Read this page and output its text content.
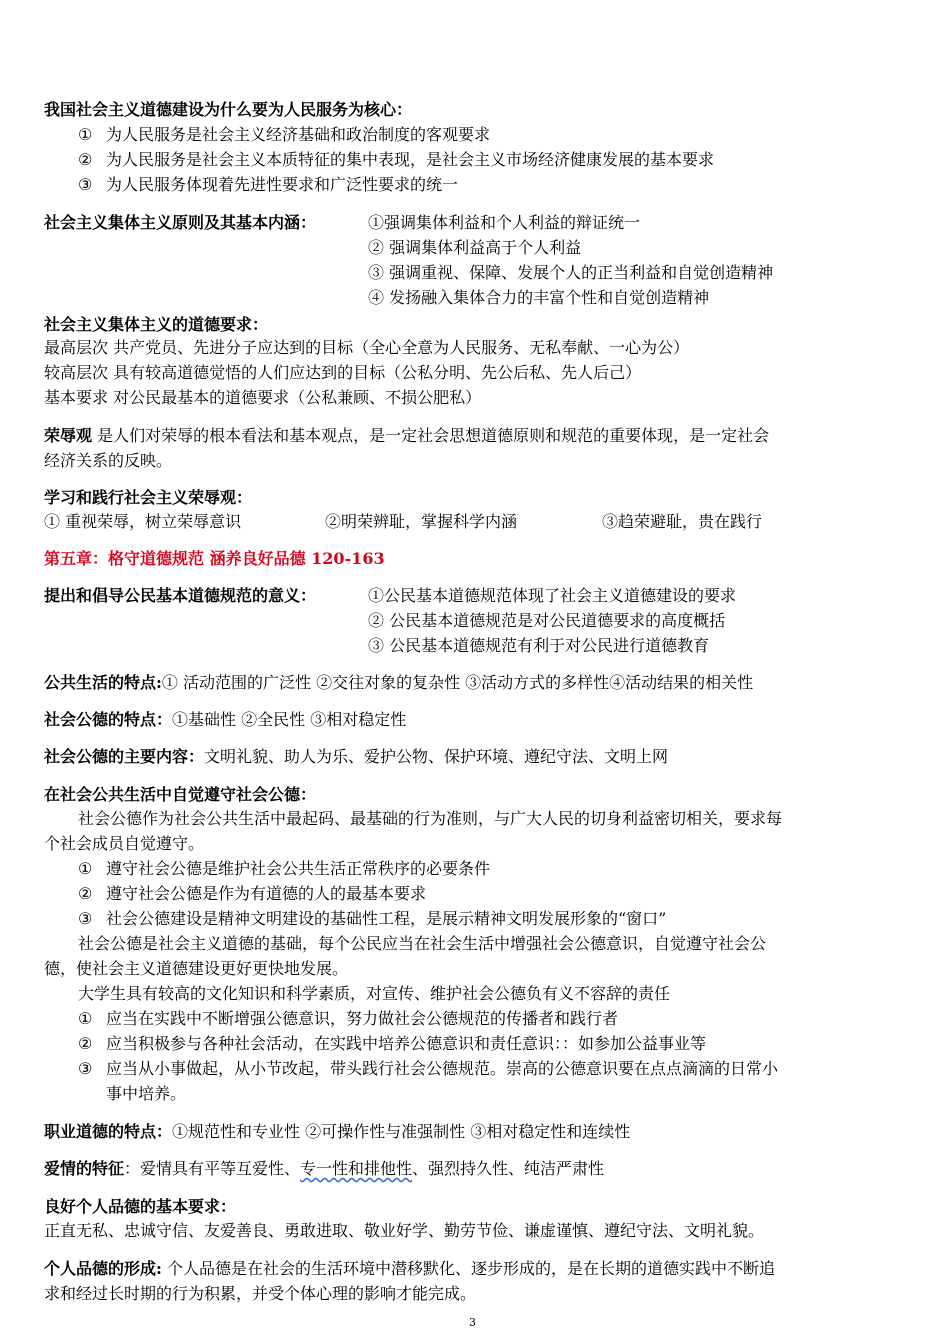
我国社会主义道德建设为什么要为人民服务为核心：
① 为人民服务是社会主义经济基础和政治制度的客观要求
② 为人民服务是社会主义本质特征的集中表现，是社会主义市场经济健康发展的基本要求
③ 为人民服务体现着先进性要求和广泛性要求的统一
社会主义集体主义原则及其基本内涵：	①强调集体利益和个人利益的辩证统一
② 强调集体利益高于个人利益
③ 强调重视、保障、发展个人的正当利益和自觉创造精神
④ 发扬融入集体合力的丰富个性和自觉创造精神
社会主义集体主义的道德要求：
最高层次 共产党员、先进分子应达到的目标（全心全意为人民服务、无私奉献、一心为公）
较高层次 具有较高道德觉悟的人们应达到的目标（公私分明、先公后私、先人后己）
基本要求 对公民最基本的道德要求（公私兼顾、不损公肥私）
荣辱观 是人们对荣辱的根本看法和基本观点，是一定社会思想道德原则和规范的重要体现，是一定社会
经济关系的反映。
学习和践行社会主义荣辱观：
① 重视荣辱，树立荣辱意识	②明荣辨耻，掌握科学内涵	③趋荣避耻，贵在践行
第五章：格守道德规范 涵养良好品德 120-163
提出和倡导公民基本道德规范的意义：	①公民基本道德规范体现了社会主义道德建设的要求
② 公民基本道德规范是对公民道德要求的高度概括
③ 公民基本道德规范有利于对公民进行道德教育
公共生活的特点:① 活动范围的广泛性 ②交往对象的复杂性 ③活动方式的多样性④活动结果的相关性
社会公德的特点：①基础性 ②全民性 ③相对稳定性
社会公德的主要内容：文明礼貌、助人为乐、爱护公物、保护环境、遵纪守法、文明上网
在社会公共生活中自觉遵守社会公德：
社会公德作为社会公共生活中最起码、最基础的行为准则，与广大人民的切身利益密切相关，要求每
个社会成员自觉遵守。
① 遵守社会公德是维护社会公共生活正常秩序的必要条件
② 遵守社会公德是作为有道德的人的最基本要求
③ 社会公德建设是精神文明建设的基础性工程，是展示精神文明发展形象的“窗口”
社会公德是社会主义道德的基础，每个公民应当在社会生活中增强社会公德意识，自觉遵守社会公
德，使社会主义道德建设更好更快地发展。
大学生具有较高的文化知识和科学素质，对宣传、维护社会公德负有义不容辞的责任
① 应当在实践中不断增强公德意识，努力做社会公德规范的传播者和践行者
② 应当积极参与各种社会活动，在实践中培养公德意识和责任意识：：如参加公益事业等
③ 应当从小事做起，从小节改起，带头践行社会公德规范。崇高的公德意识要在点点滴滴的日常小
事中培养。
职业道德的特点：①规范性和专业性 ②可操作性与准强制性 ③相对稳定性和连续性
爱情的特征：爱情具有平等互爱性、专一性和排他性、强烈持久性、纯洁严肃性
良好个人品德的基本要求：
正直无私、忠诚守信、友爱善良、勇敢进取、敬业好学、勤劳节俭、谦虚谨慎、遵纪守法、文明礼貌。
个人品德的形成: 个人品德是在社会的生活环境中潜移默化、逐步形成的，是在长期的道德实践中不断追
求和经过长时期的行为积累，并受个体心理的影响才能完成。
3
